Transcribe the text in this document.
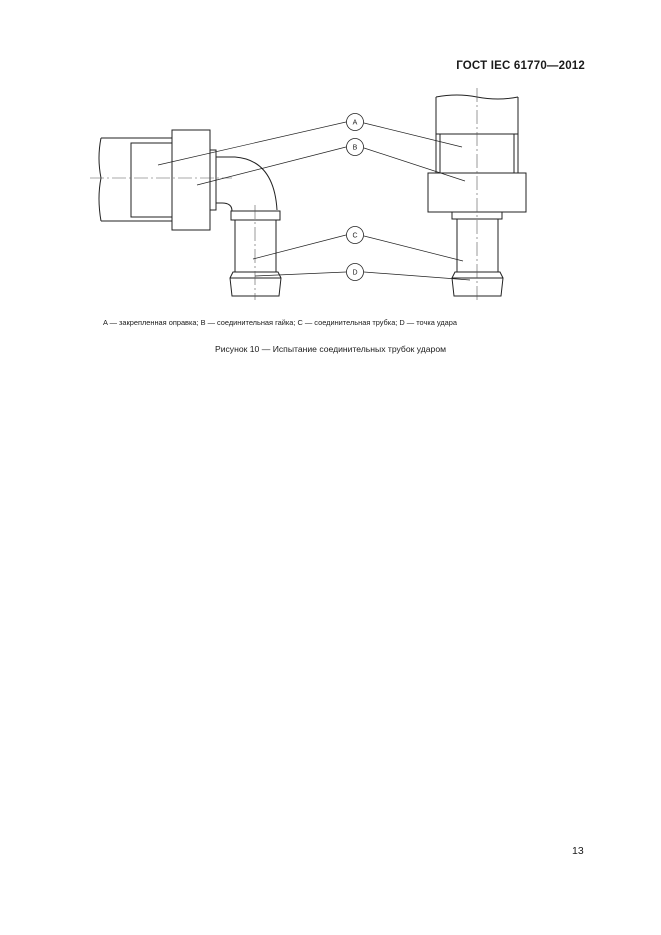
ГОСТ IEC 61770—2012
A
B
C
D
A — закрепленная оправка; B — соединительная гайка; C — соединительная трубка; D — точка удара
Рисунок 10 — Испытание соединительных трубок ударом
13
